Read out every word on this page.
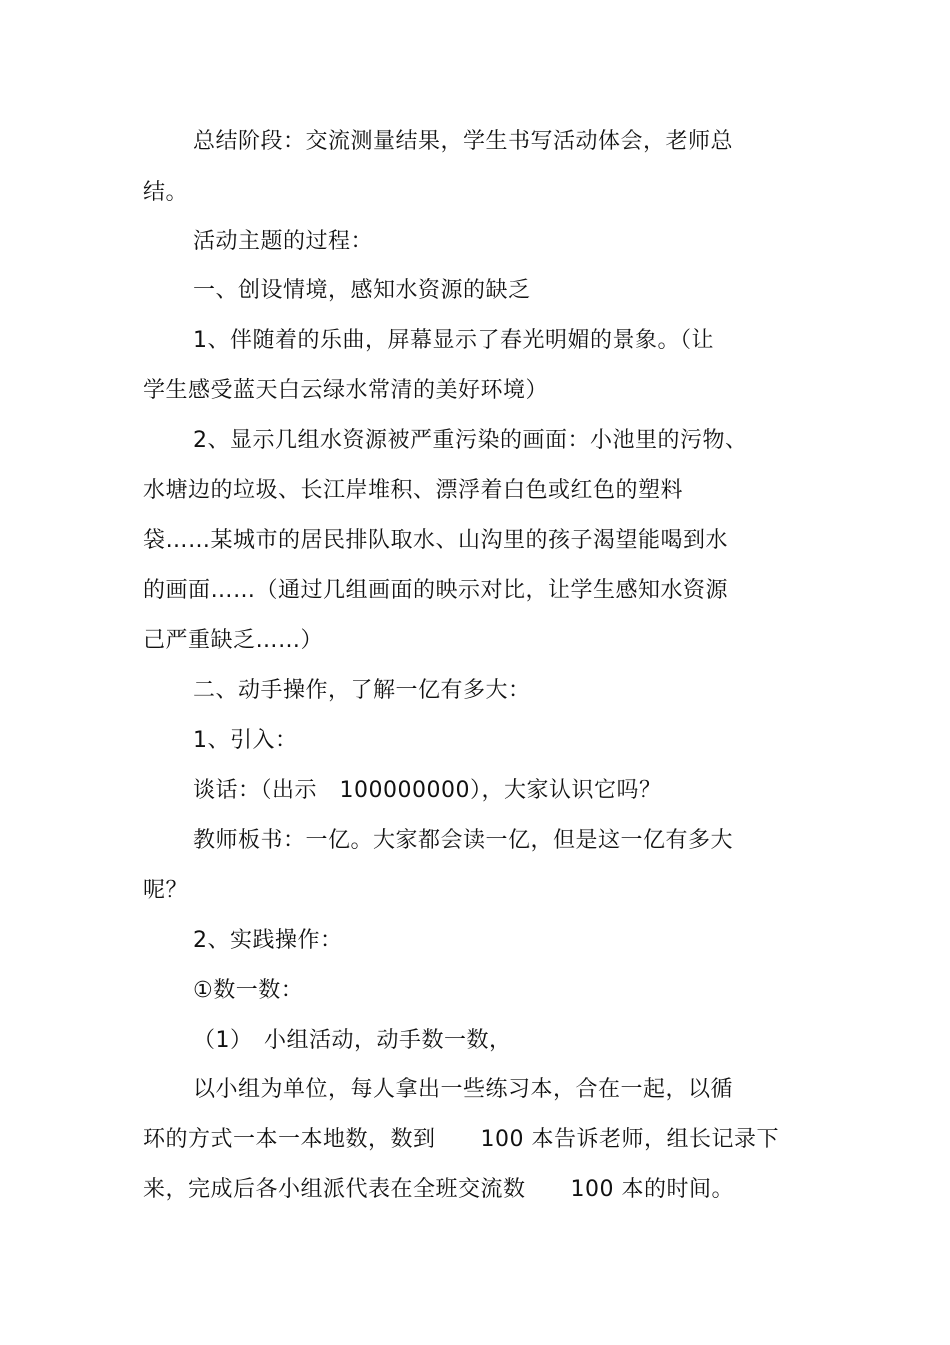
总结阶段：交流测量结果，学生书写活动体会，老师总
结。
活动主题的过程：
一、创设情境，感知水资源的缺乏
1、伴随着的乐曲，屏幕显示了春光明媚的景象。（让
学生感受蓝天白云绿水常清的美好环境）
2、显示几组水资源被严重污染的画面：小池里的污物、
水塘边的垃圾、长江岸堆积、漂浮着白色或红色的塑料
袋……某城市的居民排队取水、山沟里的孩子渴望能喝到水
的画面……（通过几组画面的映示对比，让学生感知水资源
己严重缺乏……）
二、动手操作，了解一亿有多大：
1、引入：
谈话：（出示　100000000），大家认识它吗？
教师板书：一亿。大家都会读一亿，但是这一亿有多大
呢？
2、实践操作：
①数一数：
（1）　小组活动，动手数一数，
以小组为单位，每人拿出一些练习本，合在一起，以循
环的方式一本一本地数，数到　　100 本告诉老师，组长记录下
来，完成后各小组派代表在全班交流数　　100 本的时间。
